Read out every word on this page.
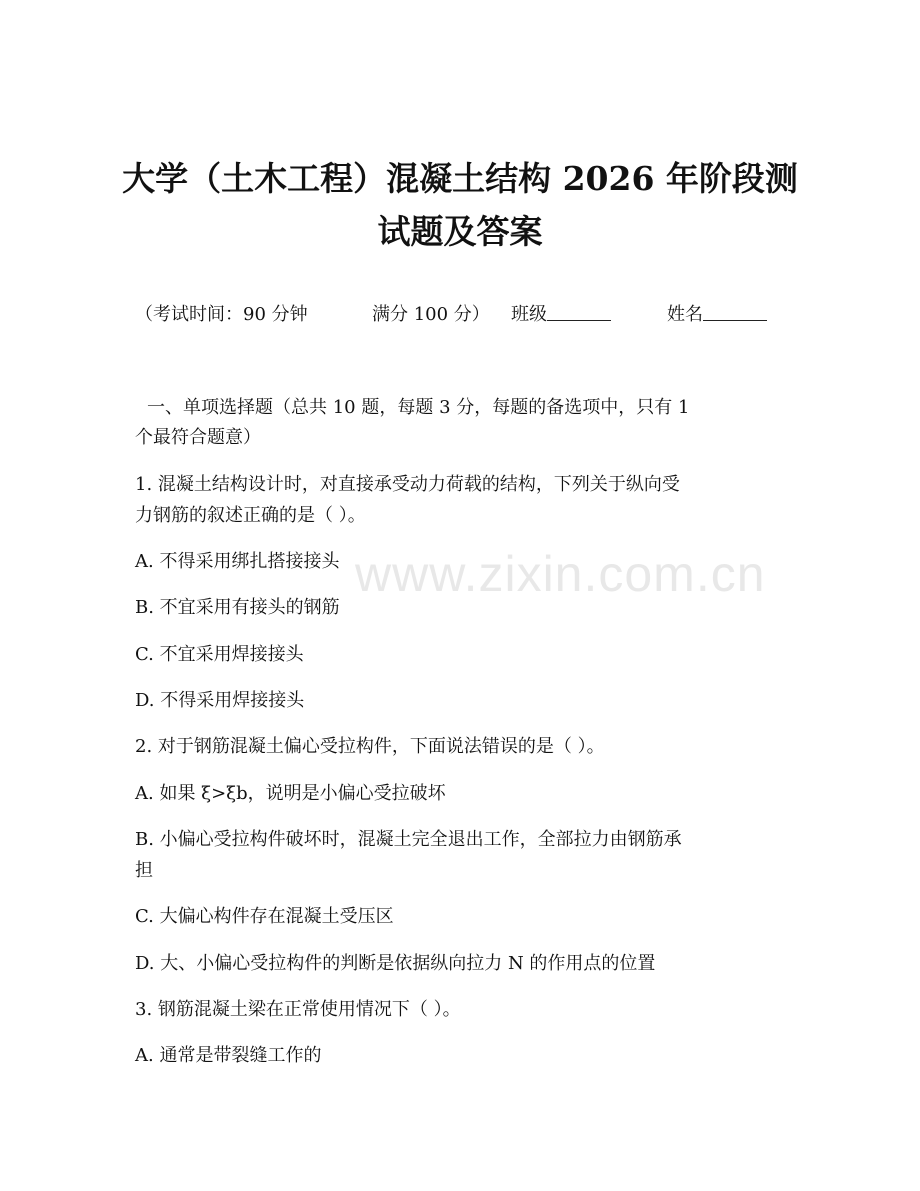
大学（土木工程）混凝土结构 2026 年阶段测
试题及答案
（考试时间：90 分钟	满分 100 分） 班级	姓名
一、单项选择题（总共 10 题，每题 3 分，每题的备选项中，只有 1
个最符合题意）
1. 混凝土结构设计时，对直接承受动力荷载的结构，下列关于纵向受
力钢筋的叙述正确的是（ ）。
A. 不得采用绑扎搭接接头
B. 不宜采用有接头的钢筋
C. 不宜采用焊接接头
D. 不得采用焊接接头
2. 对于钢筋混凝土偏心受拉构件，下面说法错误的是（ ）。
A. 如果 ξ>ξb，说明是小偏心受拉破坏
B. 小偏心受拉构件破坏时，混凝土完全退出工作，全部拉力由钢筋承
担
C. 大偏心构件存在混凝土受压区
D. 大、小偏心受拉构件的判断是依据纵向拉力 N 的作用点的位置
3. 钢筋混凝土梁在正常使用情况下（ ）。
A. 通常是带裂缝工作的
www.zixin.com.cn
